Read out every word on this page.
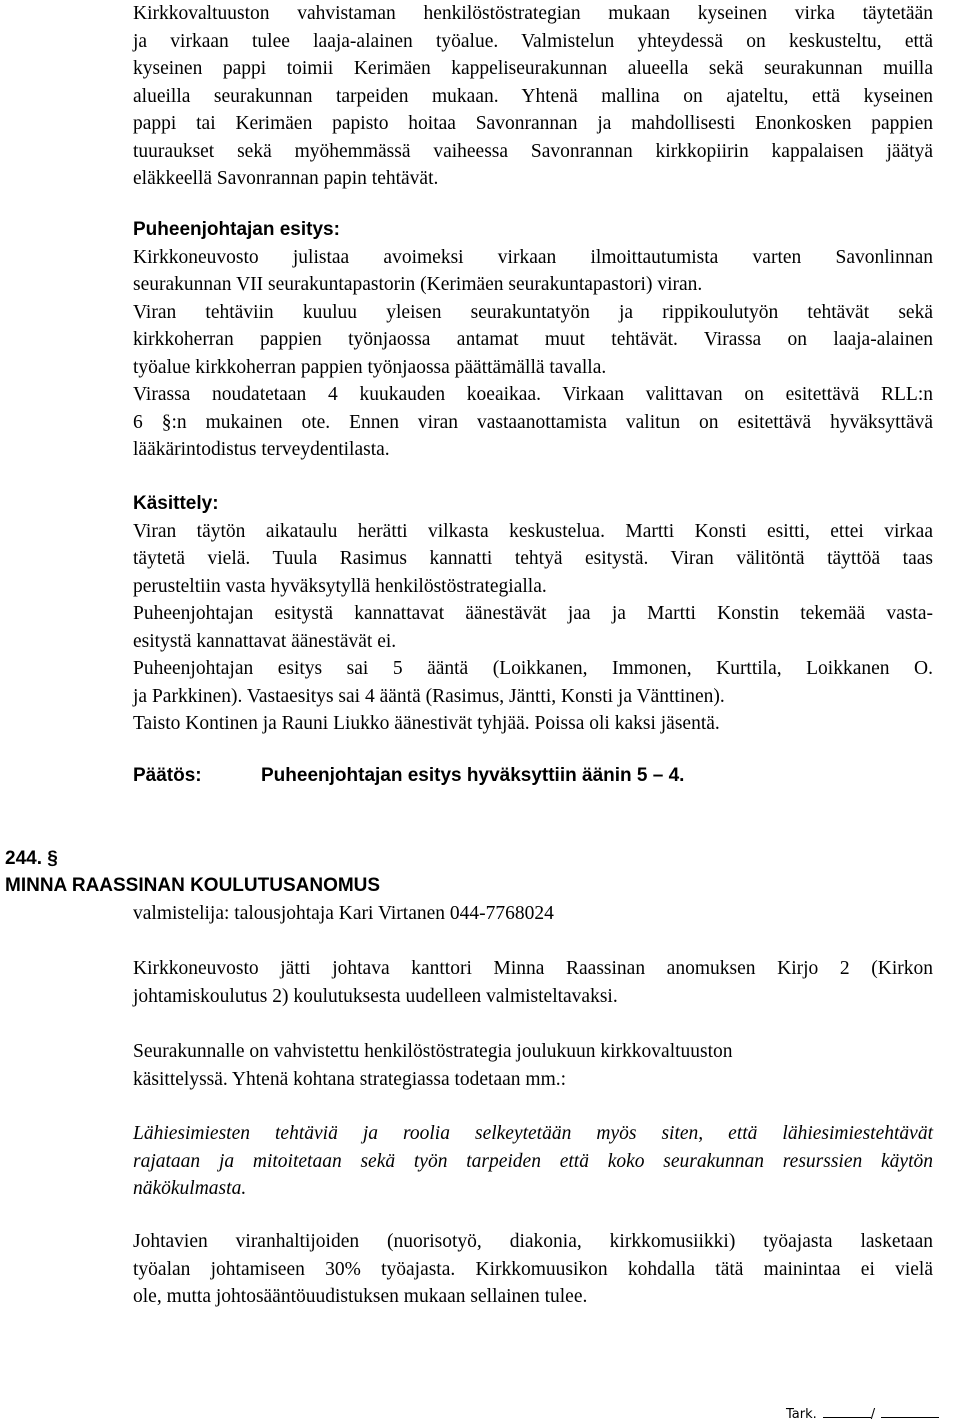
Kirkkovaltuuston vahvistaman henkilöstöstrategian mukaan kyseinen virka täytetään
ja virkaan tulee laaja-alainen työalue. Valmistelun yhteydessä on keskusteltu, että
kyseinen pappi toimii Kerimäen kappeliseurakunnan alueella sekä seurakunnan muilla
alueilla seurakunnan tarpeiden mukaan. Yhtenä mallina on ajateltu, että kyseinen
pappi tai Kerimäen papisto hoitaa Savonrannan ja mahdollisesti Enonkosken pappien
tuuraukset sekä myöhemmässä vaiheessa Savonrannan kirkkopiirin kappalaisen jäätyä
eläkkeellä Savonrannan papin tehtävät.
Puheenjohtajan esitys:
Kirkkoneuvosto julistaa avoimeksi virkaan ilmoittautumista varten Savonlinnan
seurakunnan VII seurakuntapastorin (Kerimäen seurakuntapastori) viran.
Viran tehtäviin kuuluu yleisen seurakuntatyön ja rippikoulutyön tehtävät sekä
kirkkoherran pappien työnjaossa antamat muut tehtävät. Virassa on laaja-alainen
työalue kirkkoherran pappien työnjaossa päättämällä tavalla.
Virassa noudatetaan 4 kuukauden koeaikaa. Virkaan valittavan on esitettävä RLL:n
6 §:n mukainen ote. Ennen viran vastaanottamista valitun on esitettävä hyväksyttävä
lääkärintodistus terveydentilasta.
Käsittely:
Viran täytön aikataulu herätti vilkasta keskustelua. Martti Konsti esitti, ettei virkaa
täytetä vielä. Tuula Rasimus kannatti tehtyä esitystä. Viran välitöntä täyttöä taas
perusteltiin vasta hyväksytyllä henkilöstöstrategialla.
Puheenjohtajan esitystä kannattavat äänestävät jaa ja Martti Konstin tekemää vasta-
esitystä kannattavat äänestävät ei.
Puheenjohtajan esitys sai 5 ääntä (Loikkanen, Immonen, Kurttila, Loikkanen O.
ja Parkkinen). Vastaesitys sai 4 ääntä (Rasimus, Jäntti, Konsti ja Vänttinen).
Taisto Kontinen ja Rauni Liukko äänestivät tyhjää. Poissa oli kaksi jäsentä.
Päätös:	Puheenjohtajan esitys hyväksyttiin äänin 5 – 4.
244. §
MINNA RAASSINAN KOULUTUSANOMUS
valmistelija: talousjohtaja Kari Virtanen 044-7768024
Kirkkoneuvosto jätti johtava kanttori Minna Raassinan anomuksen Kirjo 2 (Kirkon
johtamiskoulutus 2) koulutuksesta uudelleen valmisteltavaksi.
Seurakunnalle on vahvistettu henkilöstöstrategia joulukuun kirkkovaltuuston
käsittelyssä. Yhtenä kohtana strategiassa todetaan mm.:
Lähiesimiesten tehtäviä ja roolia selkeytetään myös siten, että lähiesimiestehtävät
rajataan ja mitoitetaan sekä työn tarpeiden että koko seurakunnan resurssien käytön
näkökulmasta.
Johtavien viranhaltijoiden (nuorisotyö, diakonia, kirkkomusiikki) työajasta lasketaan
työalan johtamiseen 30% työajasta. Kirkkomuusikon kohdalla tätä mainintaa ei vielä
ole, mutta johtosääntöuudistuksen mukaan sellainen tulee.
Tark.	/
